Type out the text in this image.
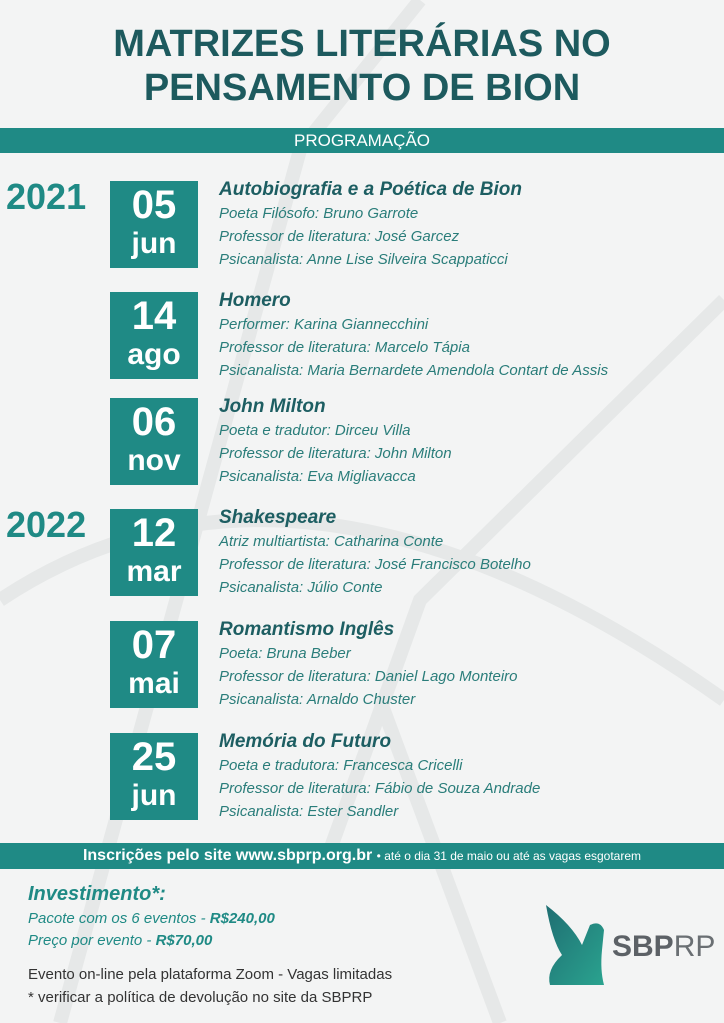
MATRIZES LITERÁRIAS NO
PENSAMENTO DE BION
PROGRAMAÇÃO
2021
2022
05
jun
Autobiografia e a Poética de Bion
Poeta Filósofo: Bruno Garrote
Professor de literatura: José Garcez
Psicanalista: Anne Lise Silveira Scappaticci
14
ago
Homero
Performer: Karina Giannecchini
Professor de literatura: Marcelo Tápia
Psicanalista: Maria Bernardete Amendola Contart de Assis
06
nov
John Milton
Poeta e tradutor: Dirceu Villa
Professor de literatura: John Milton
Psicanalista: Eva Migliavacca
12
mar
Shakespeare
Atriz multiartista: Catharina Conte
Professor de literatura: José Francisco Botelho
Psicanalista: Júlio Conte
07
mai
Romantismo Inglês
Poeta: Bruna Beber
Professor de literatura: Daniel Lago Monteiro
Psicanalista: Arnaldo Chuster
25
jun
Memória do Futuro
Poeta e tradutora: Francesca Cricelli
Professor de literatura: Fábio de Souza Andrade
Psicanalista: Ester Sandler
Inscrições pelo site www.sbprp.org.br • até o dia 31 de maio ou até as vagas esgotarem
Investimento*:
Pacote com os 6 eventos - R$240,00
Preço por evento - R$70,00
Evento on-line pela plataforma Zoom - Vagas limitadas
* verificar a política de devolução no site da SBPRP
SBPRP
